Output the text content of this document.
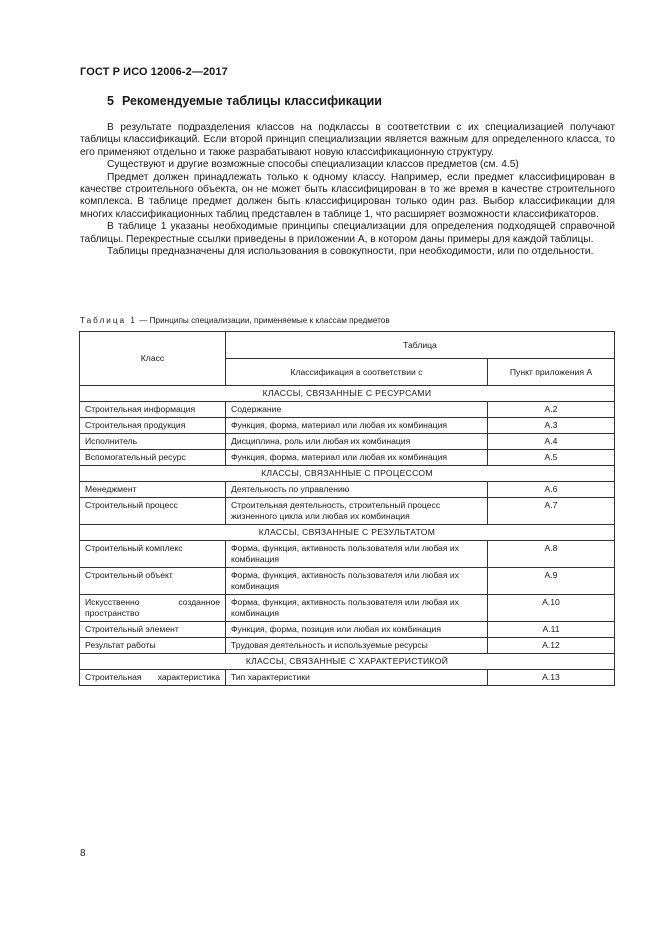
ГОСТ Р ИСО 12006-2—2017
5 Рекомендуемые таблицы классификации

В результате подразделения классов на подклассы в соответствии с их специализацией получают таблицы классификаций. Если второй принцип специализации является важным для определенного класса, то его применяют отдельно и также разрабатывают новую классификационную структуру.

Существуют и другие возможные способы специализации классов предметов (см. 4.5)

Предмет должен принадлежать только к одному классу. Например, если предмет классифицирован в качестве строительного объекта, он не может быть классифицирован в то же время в качестве строительного комплекса. В таблице предмет должен быть классифицирован только один раз. Выбор классификации для многих классификационных таблиц представлен в таблице 1, что расширяет возможности классификаторов.

В таблице 1 указаны необходимые принципы специализации для определения подходящей справочной таблицы. Перекрестные ссылки приведены в приложении А, в котором даны примеры для каждой таблицы.

Таблицы предназначены для использования в совокупности, при необходимости, или по отдельности.

Таблица 1 — Принципы специализации, применяемые к классам предметов
Класс	Таблица	
	Классификация в соответствии с	Пункт приложения А
КЛАССЫ, СВЯЗАННЫЕ С РЕСУРСАМИ		
Строительная информация	Содержание	А.2
Строительная продукция	Функция, форма, материал или любая их комбинация	А.3
Исполнитель	Дисциплина, роль или любая их комбинация	А.4
Вспомогательный ресурс	Функция, форма, материал или любая их комбинация	А.5
КЛАССЫ, СВЯЗАННЫЕ С ПРОЦЕССОМ		
Менеджмент	Деятельность по управлению	А.6
Строительный процесс	Строительная деятельность, строительный процесс жизненного цикла или любая их комбинация	А.7
КЛАССЫ, СВЯЗАННЫЕ С РЕЗУЛЬТАТОМ		
Строительный комплекс	Форма, функция, активность пользователя или любая их комбинация	А.8
Строительный объект	Форма, функция, активность пользователя или любая их комбинация	А.9
Искусственно созданное пространство	Форма, функция, активность пользователя или любая их комбинация	А.10
Строительный элемент	Функция, форма, позиция или любая их комбинация	А.11
Результат работы	Трудовая деятельность и используемые ресурсы	А.12
КЛАССЫ, СВЯЗАННЫЕ С ХАРАКТЕРИСТИКОЙ		
Строительная характеристика	Тип характеристики	А.13
8
